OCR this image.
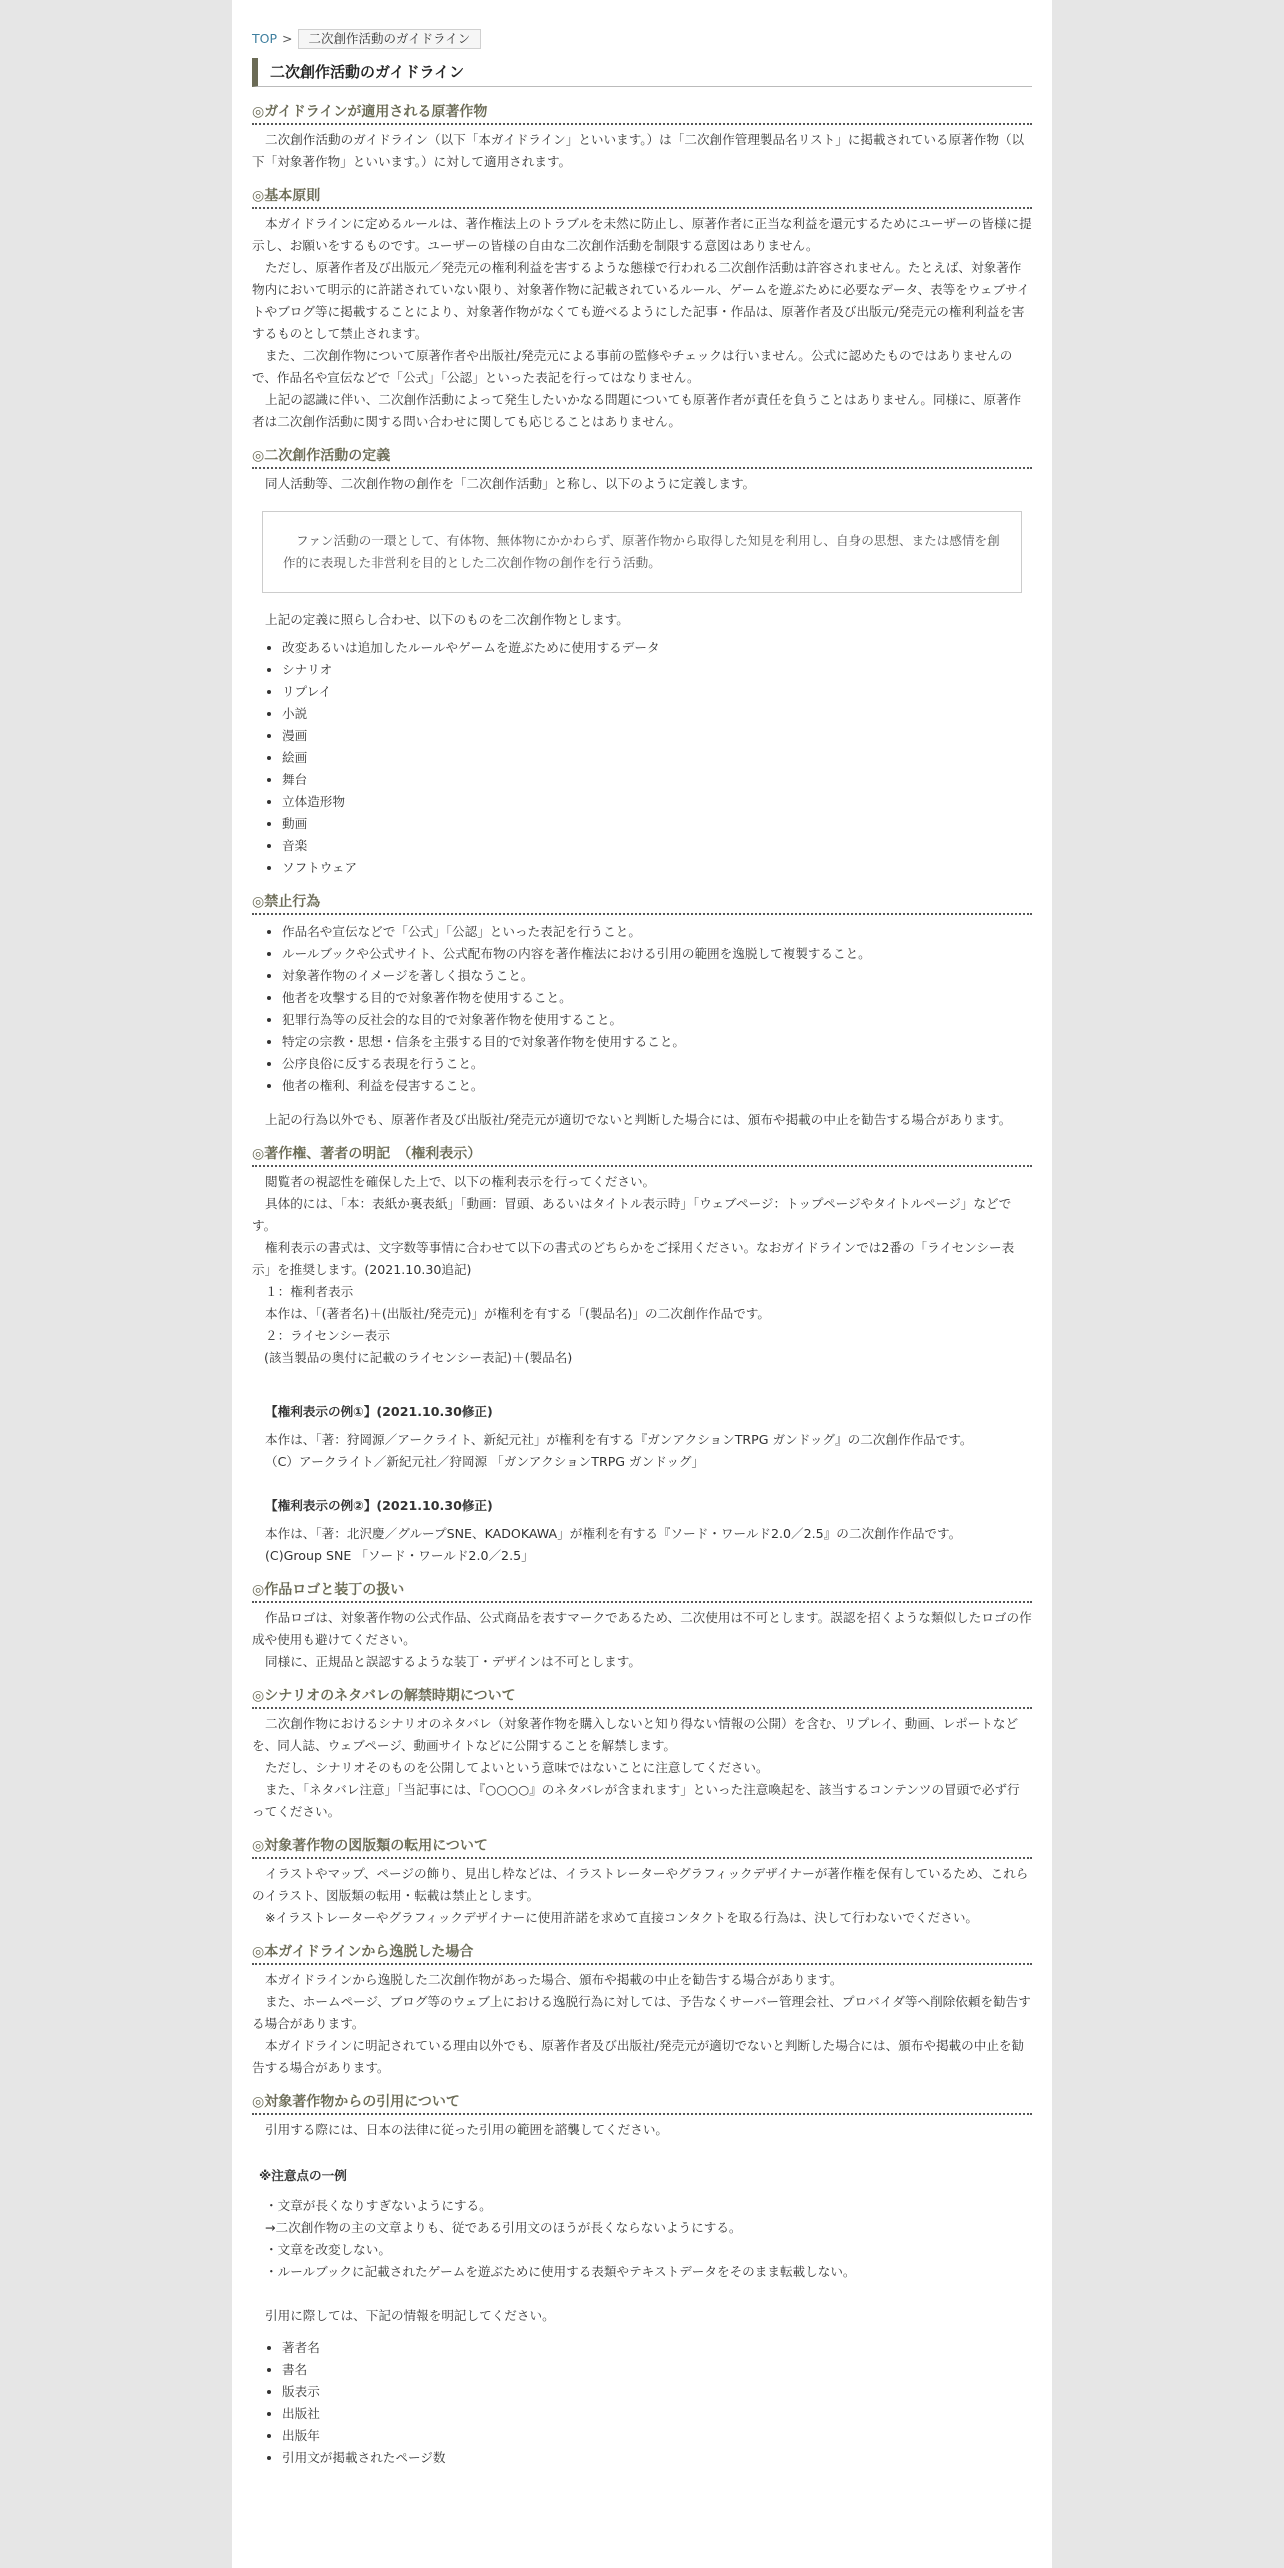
TOP >	二次創作活動のガイドライン
二次創作活動のガイドライン
◎ガイドラインが適用される原著作物

二次創作活動のガイドライン（以下「本ガイドライン」といいます。）は「二次創作管理製品名リスト」に掲載されている原著作物（以下「対象著作物」といいます。）に対して適用されます。

◎基本原則

本ガイドラインに定めるルールは、著作権法上のトラブルを未然に防止し、原著作者に正当な利益を還元するためにユーザーの皆様に提示し、お願いをするものです。ユーザーの皆様の自由な二次創作活動を制限する意図はありません。

ただし、原著作者及び出版元／発売元の権利利益を害するような態様で行われる二次創作活動は許容されません。たとえば、対象著作物内において明示的に許諾されていない限り、対象著作物に記載されているルール、ゲームを遊ぶために必要なデータ、表等をウェブサイトやブログ等に掲載することにより、対象著作物がなくても遊べるようにした記事・作品は、原著作者及び出版元/発売元の権利利益を害するものとして禁止されます。

また、二次創作物について原著作者や出版社/発売元による事前の監修やチェックは行いません。公式に認めたものではありませんので、作品名や宣伝などで「公式」「公認」といった表記を行ってはなりません。

上記の認識に伴い、二次創作活動によって発生したいかなる問題についても原著作者が責任を負うことはありません。同様に、原著作者は二次創作活動に関する問い合わせに関しても応じることはありません。

◎二次創作活動の定義

同人活動等、二次創作物の創作を「二次創作活動」と称し、以下のように定義します。

ファン活動の一環として、有体物、無体物にかかわらず、原著作物から取得した知見を利用し、自身の思想、または感情を創作的に表現した非営利を目的とした二次創作物の創作を行う活動。

上記の定義に照らし合わせ、以下のものを二次創作物とします。

• 改変あるいは追加したルールやゲームを遊ぶために使用するデータ
• シナリオ
• リプレイ
• 小説
• 漫画
• 絵画
• 舞台
• 立体造形物
• 動画
• 音楽
• ソフトウェア
◎禁止行為
• 作品名や宣伝などで「公式」「公認」といった表記を行うこと。
• ルールブックや公式サイト、公式配布物の内容を著作権法における引用の範囲を逸脱して複製すること。
• 対象著作物のイメージを著しく損なうこと。
• 他者を攻撃する目的で対象著作物を使用すること。
• 犯罪行為等の反社会的な目的で対象著作物を使用すること。
• 特定の宗教・思想・信条を主張する目的で対象著作物を使用すること。
• 公序良俗に反する表現を行うこと。
• 他者の権利、利益を侵害すること。

上記の行為以外でも、原著作者及び出版社/発売元が適切でないと判断した場合には、頒布や掲載の中止を勧告する場合があります。

◎著作権、著者の明記　（権利表示）

閲覧者の視認性を確保した上で、以下の権利表示を行ってください。

具体的には、「本：表紙か裏表紙」「動画：冒頭、あるいはタイトル表示時」「ウェブページ：トップページやタイトルページ」などです。

権利表示の書式は、文字数等事情に合わせて以下の書式のどちらかをご採用ください。なおガイドラインでは2番の「ライセンシー表示」を推奨します。(2021.10.30追記)

１：権利者表示

本作は、「(著者名)＋(出版社/発売元)」が権利を有する「(製品名)」の二次創作作品です。

２：ライセンシー表示

(該当製品の奥付に記載のライセンシー表記)＋(製品名)

【権利表示の例①】(2021.10.30修正)

本作は、「著：狩岡源／アークライト、新紀元社」が権利を有する『ガンアクションTRPG ガンドッグ』の二次創作作品です。

（C）アークライト／新紀元社／狩岡源 「ガンアクションTRPG ガンドッグ」

【権利表示の例②】(2021.10.30修正)

本作は、「著：北沢慶／グループSNE、KADOKAWA」が権利を有する『ソード・ワールド2.0／2.5』の二次創作作品です。

(C)Group SNE 「ソード・ワールド2.0／2.5」

◎作品ロゴと装丁の扱い

作品ロゴは、対象著作物の公式作品、公式商品を表すマークであるため、二次使用は不可とします。誤認を招くような類似したロゴの作成や使用も避けてください。

同様に、正規品と誤認するような装丁・デザインは不可とします。

◎シナリオのネタバレの解禁時期について

二次創作物におけるシナリオのネタバレ（対象著作物を購入しないと知り得ない情報の公開）を含む、リプレイ、動画、レポートなどを、同人誌、ウェブページ、動画サイトなどに公開することを解禁します。

ただし、シナリオそのものを公開してよいという意味ではないことに注意してください。

また、「ネタバレ注意」「当記事には、『○○○○』のネタバレが含まれます」といった注意喚起を、該当するコンテンツの冒頭で必ず行ってください。

◎対象著作物の図版類の転用について

イラストやマップ、ページの飾り、見出し枠などは、イラストレーターやグラフィックデザイナーが著作権を保有しているため、これらのイラスト、図版類の転用・転載は禁止とします。

※イラストレーターやグラフィックデザイナーに使用許諾を求めて直接コンタクトを取る行為は、決して行わないでください。

◎本ガイドラインから逸脱した場合

本ガイドラインから逸脱した二次創作物があった場合、頒布や掲載の中止を勧告する場合があります。

また、ホームページ、ブログ等のウェブ上における逸脱行為に対しては、予告なくサーバー管理会社、プロバイダ等へ削除依頼を勧告する場合があります。

本ガイドラインに明記されている理由以外でも、原著作者及び出版社/発売元が適切でないと判断した場合には、頒布や掲載の中止を勧告する場合があります。

◎対象著作物からの引用について

引用する際には、日本の法律に従った引用の範囲を諮襲してください。

※注意点の一例

・文章が長くなりすぎないようにする。

→二次創作物の主の文章よりも、従である引用文のほうが長くならないようにする。

・文章を改変しない。

・ルールブックに記載されたゲームを遊ぶために使用する表類やテキストデータをそのまま転載しない。

引用に際しては、下記の情報を明記してください。

• 著者名
• 書名
• 版表示
• 出版社
• 出版年
• 引用文が掲載されたページ数
